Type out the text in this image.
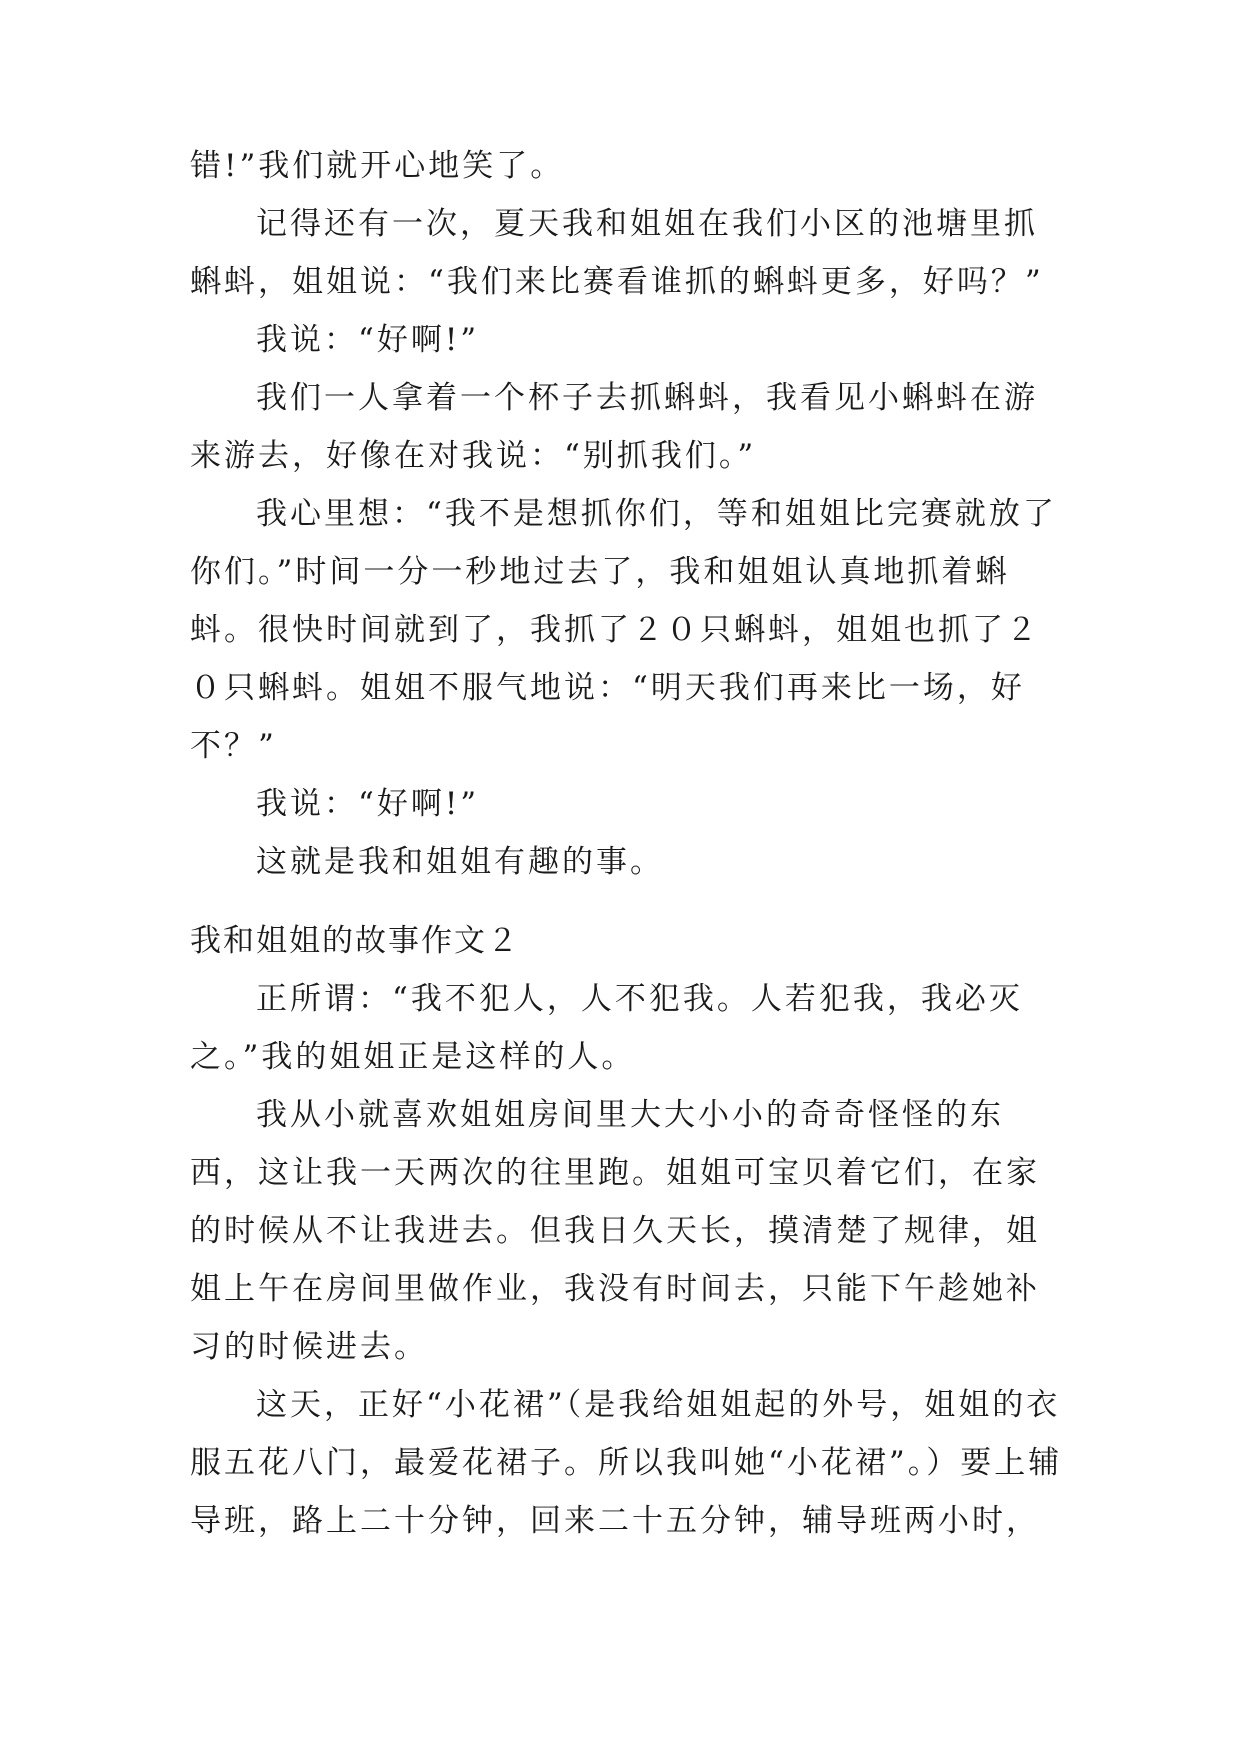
错!”我们就开心地笑了。

记得还有一次，夏天我和姐姐在我们小区的池塘里抓蝌蚪，姐姐说：“我们来比赛看谁抓的蝌蚪更多，好吗？”

我说：“好啊!”

我们一人拿着一个杯子去抓蝌蚪，我看见小蝌蚪在游来游去，好像在对我说：“别抓我们。”

我心里想：“我不是想抓你们，等和姐姐比完赛就放了你们。”时间一分一秒地过去了，我和姐姐认真地抓着蝌蚪。很快时间就到了，我抓了２０只蝌蚪，姐姐也抓了２０只蝌蚪。姐姐不服气地说：“明天我们再来比一场，好不？”

我说：“好啊!”

这就是我和姐姐有趣的事。

我和姐姐的故事作文２

正所谓：“我不犯人，人不犯我。人若犯我，我必灭之。”我的姐姐正是这样的人。

我从小就喜欢姐姐房间里大大小小的奇奇怪怪的东西，这让我一天两次的往里跑。姐姐可宝贝着它们，在家的时候从不让我进去。但我日久天长，摸清楚了规律，姐姐上午在房间里做作业，我没有时间去，只能下午趁她补习的时候进去。

这天，正好“小花裙”（是我给姐姐起的外号，姐姐的衣服五花八门，最爱花裙子。所以我叫她“小花裙”。）要上辅导班，路上二十分钟，回来二十五分钟，辅导班两小时，
